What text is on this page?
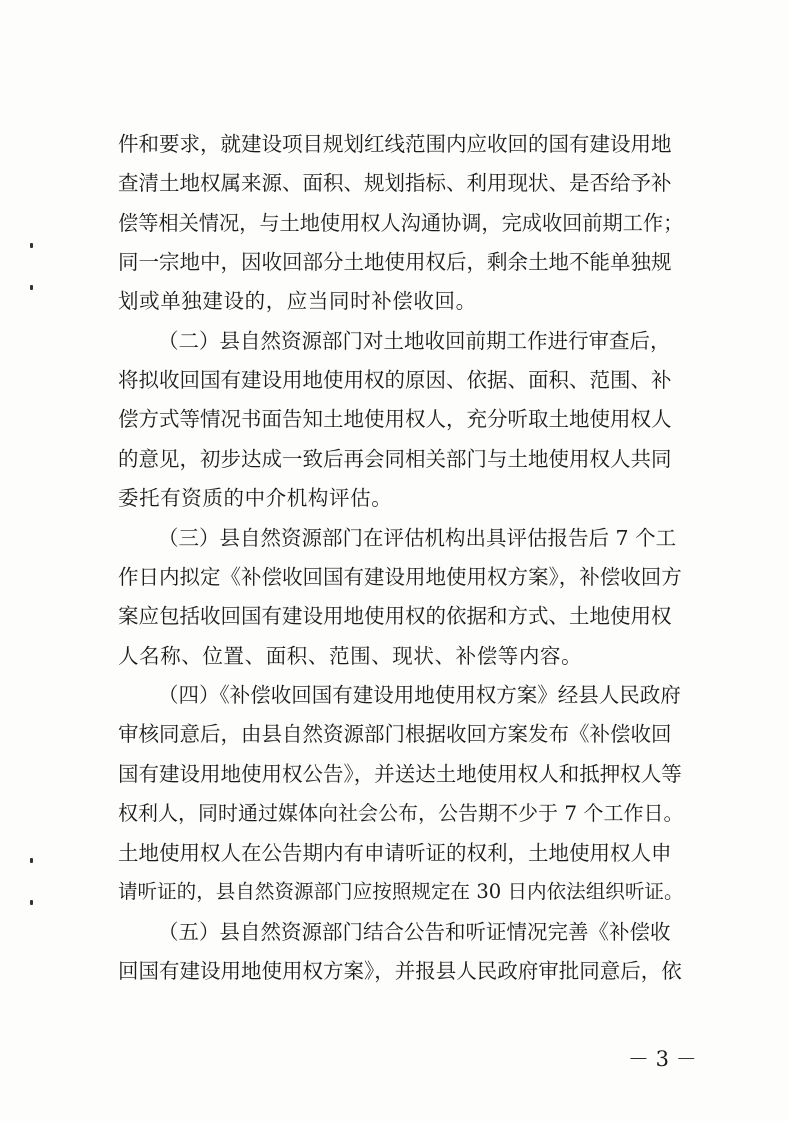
件和要求，就建设项目规划红线范围内应收回的国有建设用地
查清土地权属来源、面积、规划指标、利用现状、是否给予补
偿等相关情况，与土地使用权人沟通协调，完成收回前期工作；
同一宗地中，因收回部分土地使用权后，剩余土地不能单独规
划或单独建设的，应当同时补偿收回。
（二）县自然资源部门对土地收回前期工作进行审查后，
将拟收回国有建设用地使用权的原因、依据、面积、范围、补
偿方式等情况书面告知土地使用权人，充分听取土地使用权人
的意见，初步达成一致后再会同相关部门与土地使用权人共同
委托有资质的中介机构评估。
（三）县自然资源部门在评估机构出具评估报告后 7 个工
作日内拟定《补偿收回国有建设用地使用权方案》，补偿收回方
案应包括收回国有建设用地使用权的依据和方式、土地使用权
人名称、位置、面积、范围、现状、补偿等内容。
（四）《补偿收回国有建设用地使用权方案》经县人民政府
审核同意后，由县自然资源部门根据收回方案发布《补偿收回
国有建设用地使用权公告》，并送达土地使用权人和抵押权人等
权利人，同时通过媒体向社会公布，公告期不少于 7 个工作日。
土地使用权人在公告期内有申请听证的权利，土地使用权人申
请听证的，县自然资源部门应按照规定在 30 日内依法组织听证。
（五）县自然资源部门结合公告和听证情况完善《补偿收
回国有建设用地使用权方案》，并报县人民政府审批同意后，依
－ 3 －
